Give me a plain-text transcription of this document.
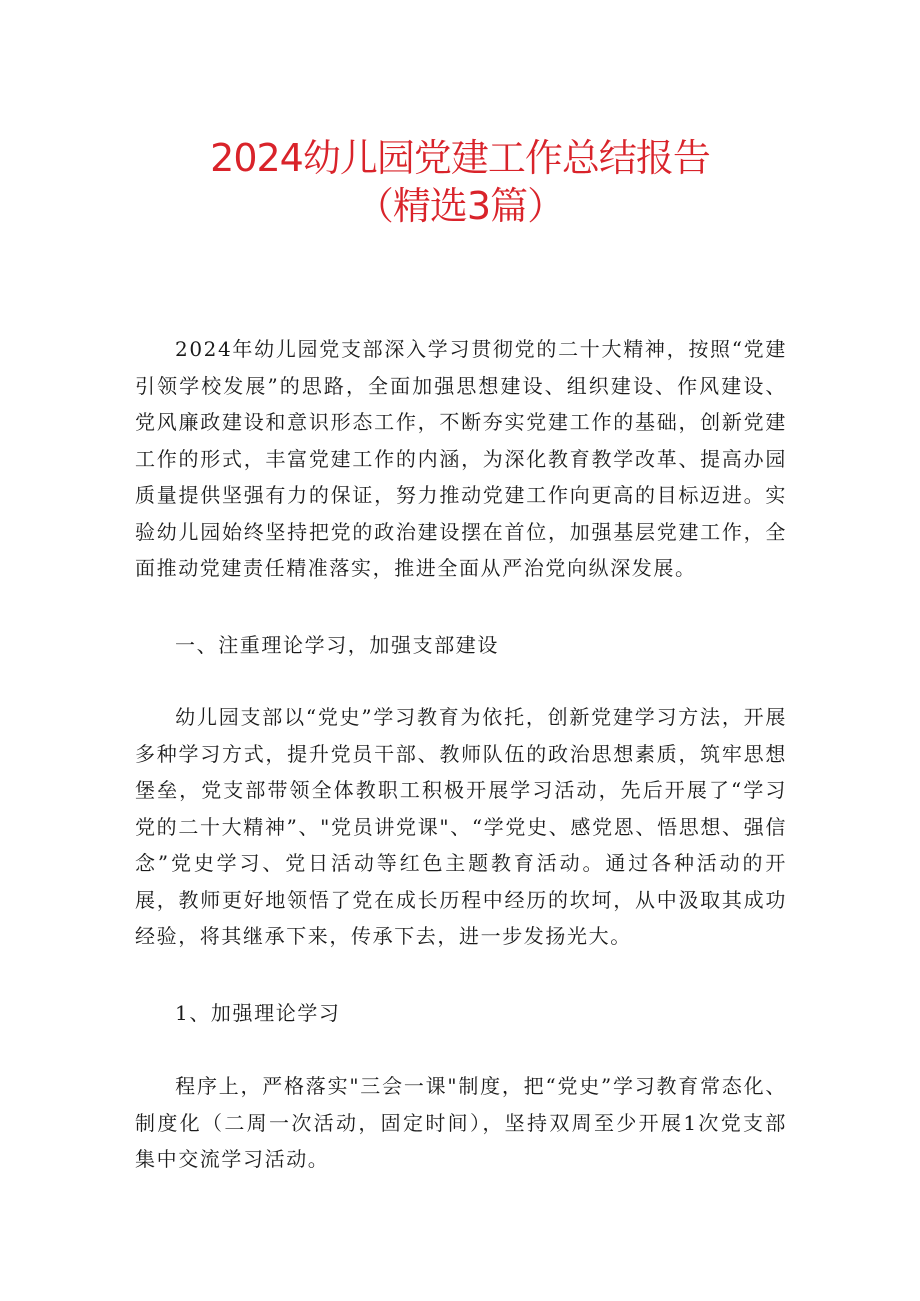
2024幼儿园党建工作总结报告
（精选3篇）

2024年幼儿园党支部深入学习贯彻党的二十大精神，按照“党建引领学校发展”的思路，全面加强思想建设、组织建设、作风建设、党风廉政建设和意识形态工作，不断夯实党建工作的基础，创新党建工作的形式，丰富党建工作的内涵，为深化教育教学改革、提高办园质量提供坚强有力的保证，努力推动党建工作向更高的目标迈进。实验幼儿园始终坚持把党的政治建设摆在首位，加强基层党建工作，全面推动党建责任精准落实，推进全面从严治党向纵深发展。

一、注重理论学习，加强支部建设

幼儿园支部以“党史”学习教育为依托，创新党建学习方法，开展多种学习方式，提升党员干部、教师队伍的政治思想素质，筑牢思想堡垒，党支部带领全体教职工积极开展学习活动，先后开展了“学习党的二十大精神”、"党员讲党课"、“学党史、感党恩、悟思想、强信念”党史学习、党日活动等红色主题教育活动。通过各种活动的开展，教师更好地领悟了党在成长历程中经历的坎坷，从中汲取其成功经验，将其继承下来，传承下去，进一步发扬光大。

1、加强理论学习

程序上，严格落实"三会一课"制度，把“党史”学习教育常态化、制度化（二周一次活动，固定时间），坚持双周至少开展1次党支部集中交流学习活动。
